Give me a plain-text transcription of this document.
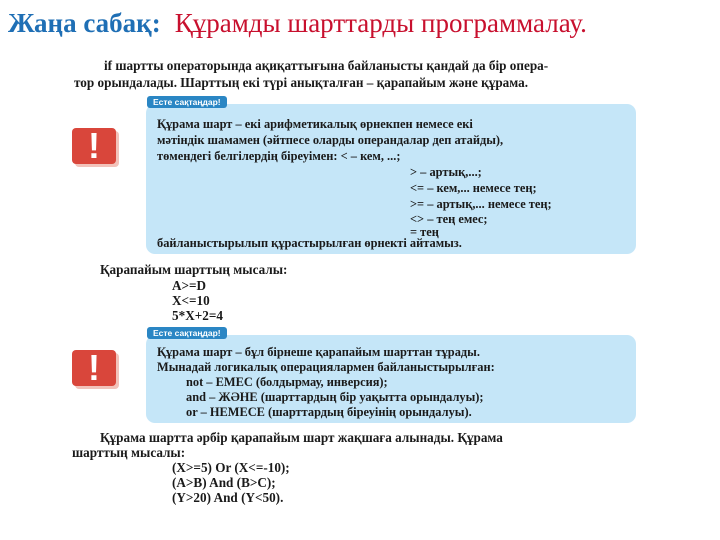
Жаңа сабақ: Құрамды шарттарды программалау.
if шартты операторында ақиқаттығына байланысты қандай да бір опера-
тор орындалады. Шарттың екі түрі анықталған – қарапайым және құрама.
Есте сақтаңдар!
!
Құрама шарт – екі арифметикалық өрнекпен немесе екі
мәтіндік шамамен (әйтпесе оларды операндалар деп атайды),
төмендегі белгілердің біреуімен: < – кем, ...;
> – артық,...;
<= – кем,... немесе тең;
>= – артық,... немесе тең;
<> – тең емес;
= тең
байланыстырылып құрастырылған өрнекті айтамыз.
Қарапайым шарттың мысалы:
A>=D
X<=10
5*X+2=4
Есте сақтаңдар!
!	Құрама шарт – бұл бірнеше қарапайым шарттан тұрады.
Мынадай логикалық операциялармен байланыстырылған:
not – ЕМЕС (болдырмау, инверсия);
and – ЖӘНЕ (шарттардың бір уақытта орындалуы);
or – НЕМЕСЕ (шарттардың біреуінің орындалуы).
Құрама шартта әрбір қарапайым шарт жақшаға алынады. Құрама
шарттың мысалы:
(X>=5) Or (X<=-10);
(A>B) And (B>C);
(Y>20) And (Y<50).
